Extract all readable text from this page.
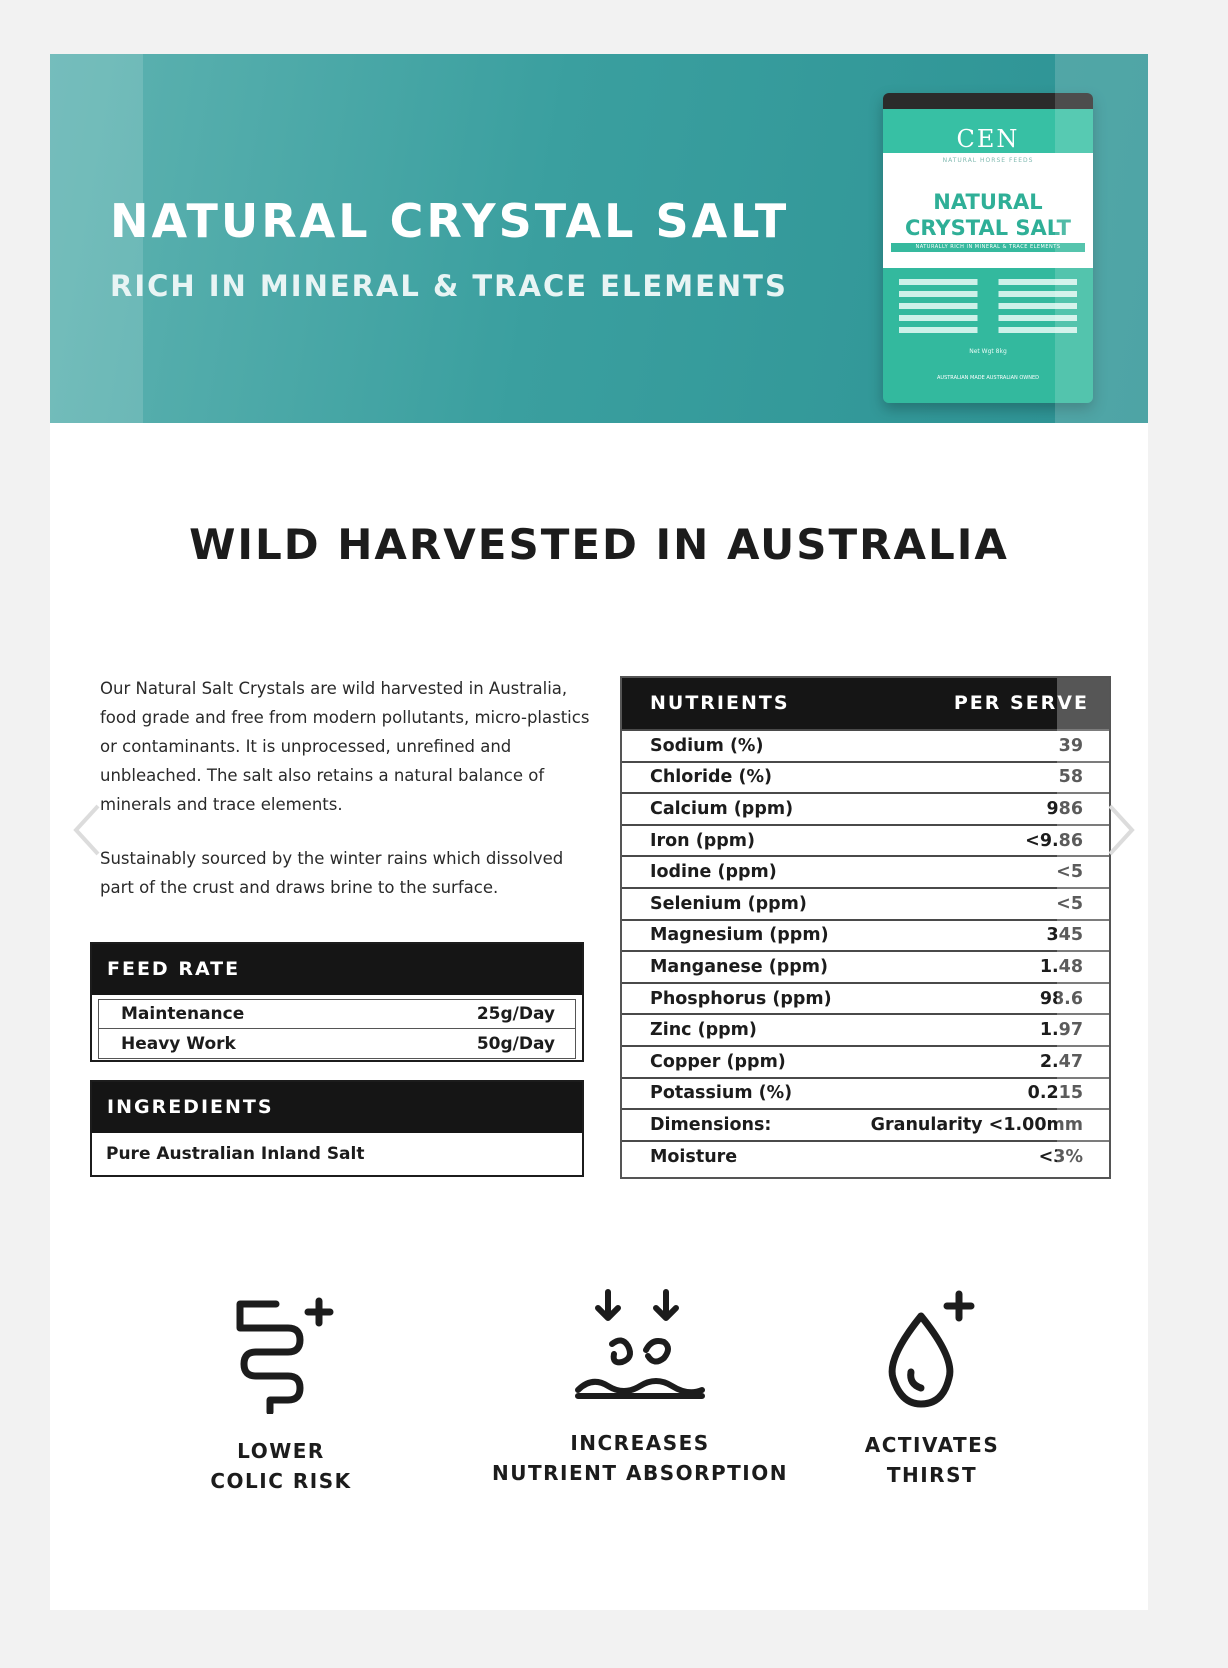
NATURAL CRYSTAL SALT
RICH IN MINERAL & TRACE ELEMENTS
CEN
NATURAL HORSE FEEDS
NATURAL
CRYSTAL SALT
NATURALLY RICH IN MINERAL & TRACE ELEMENTS
Net Wgt 8kg
AUSTRALIAN MADE AUSTRALIAN OWNED
WILD HARVESTED IN AUSTRALIA

Our Natural Salt Crystals are wild harvested in Australia, food grade and free from modern pollutants, micro-plastics or contaminants. It is unprocessed, unrefined and unbleached. The salt also retains a natural balance of minerals and trace elements.

Sustainably sourced by the winter rains which dissolved part of the crust and draws brine to the surface.

FEED RATE
Maintenance	25g/Day
Heavy Work	50g/Day
INGREDIENTS
Pure Australian Inland Salt
NUTRIENTS	PER SERVE
Sodium (%)	39
Chloride (%)	58
Calcium (ppm)	986
Iron (ppm)	<9.86
Iodine (ppm)	<5
Selenium (ppm)	<5
Magnesium (ppm)	345
Manganese (ppm)	1.48
Phosphorus (ppm)	98.6
Zinc (ppm)	1.97
Copper (ppm)	2.47
Potassium (%)	0.215
Dimensions:	Granularity <1.00mm
Moisture	<3%
LOWER
COLIC RISK
INCREASES
NUTRIENT ABSORPTION
ACTIVATES
THIRST
